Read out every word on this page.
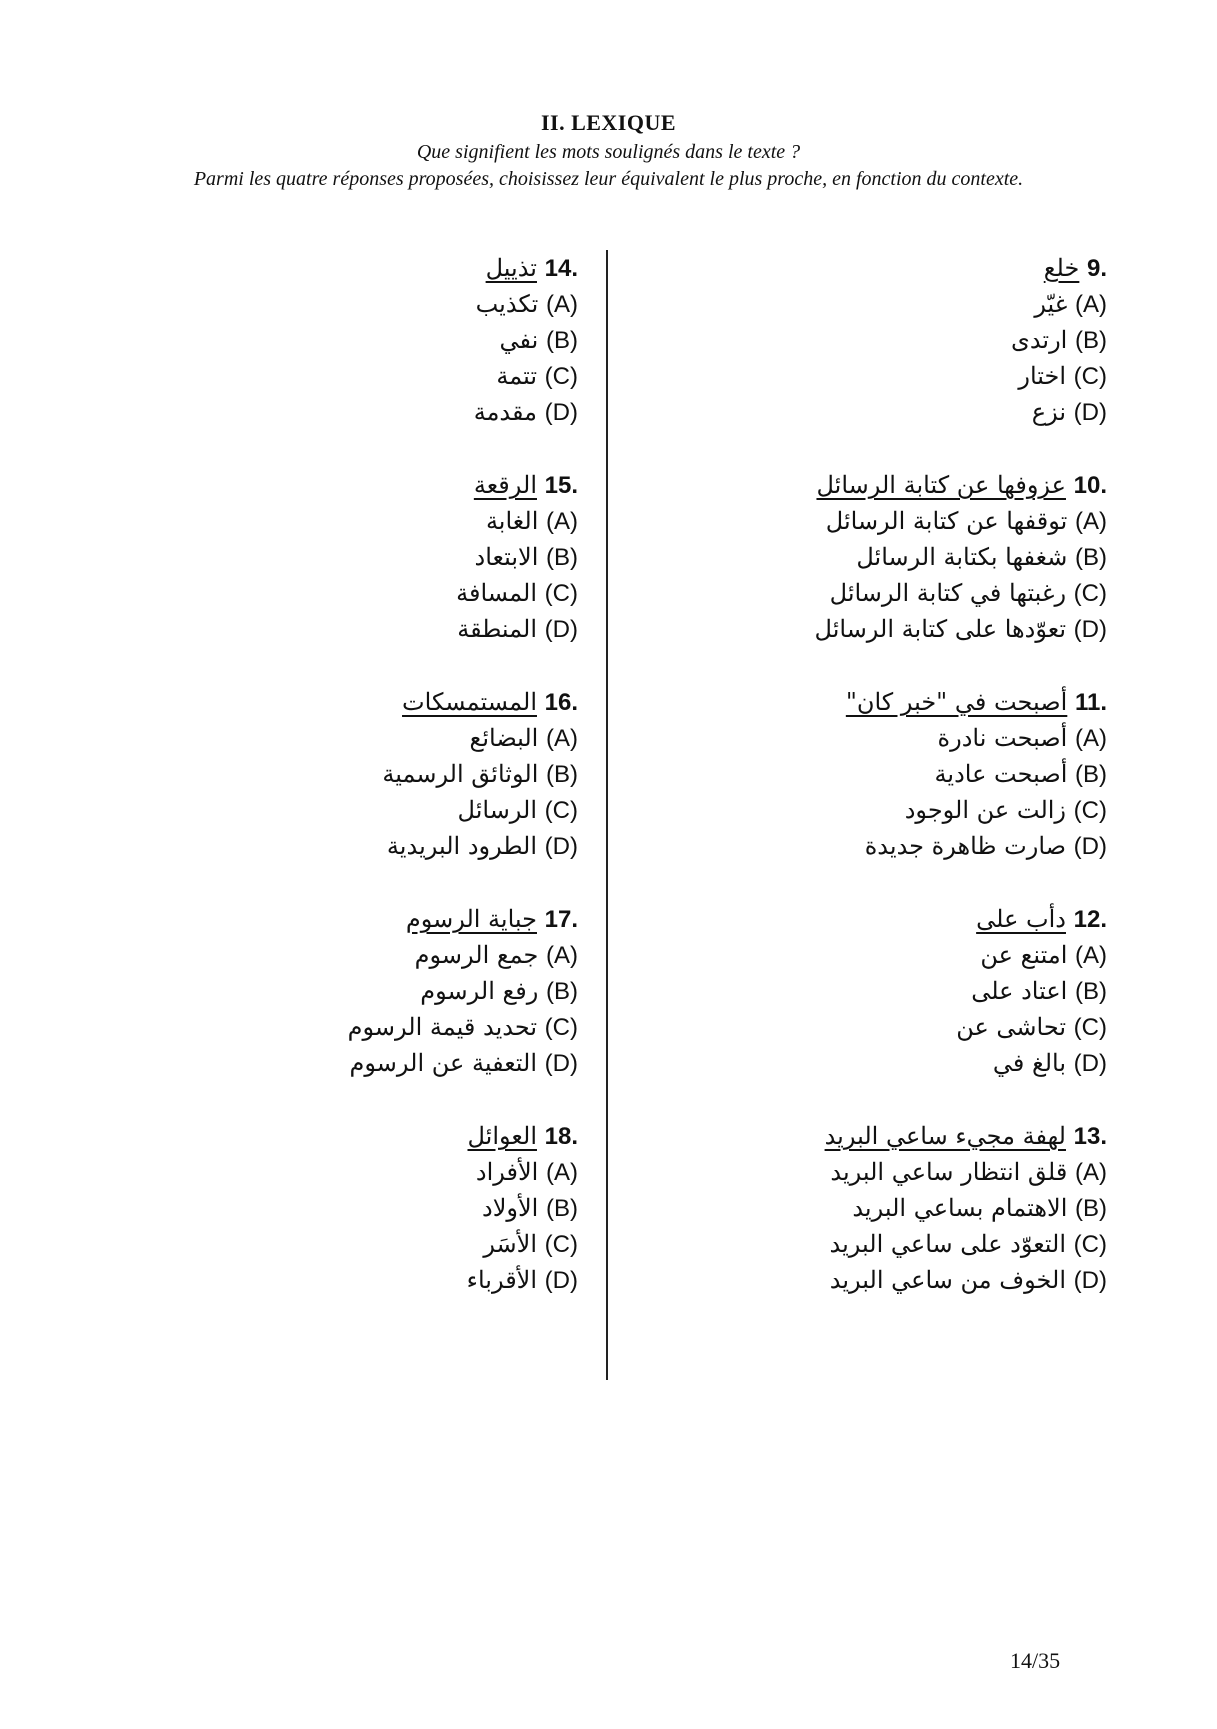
II. LEXIQUE
Que signifient les mots soulignés dans le texte ?
Parmi les quatre réponses proposées, choisissez leur équivalent le plus proche, en fonction du contexte.
9. خلع
(A) غيّر
(B) ارتدى
(C) اختار
(D) نزع
10. عزوفها عن كتابة الرسائل
(A) توقفها عن كتابة الرسائل
(B) شغفها بكتابة الرسائل
(C) رغبتها في كتابة الرسائل
(D) تعوّدها على كتابة الرسائل
11. أصبحت في "خبر كان"
(A) أصبحت نادرة
(B) أصبحت عادية
(C) زالت عن الوجود
(D) صارت ظاهرة جديدة
12. دأب على
(A) امتنع عن
(B) اعتاد على
(C) تحاشى عن
(D) بالغ في
13. لهفة مجيء ساعي البريد
(A) قلق انتظار ساعي البريد
(B) الاهتمام بساعي البريد
(C) التعوّد على ساعي البريد
(D) الخوف من ساعي البريد
14. تذييل
(A) تكذيب
(B) نفي
(C) تتمة
(D) مقدمة
15. الرقعة
(A) الغابة
(B) الابتعاد
(C) المسافة
(D) المنطقة
16. المستمسكات
(A) البضائع
(B) الوثائق الرسمية
(C) الرسائل
(D) الطرود البريدية
17. جباية الرسوم
(A) جمع الرسوم
(B) رفع الرسوم
(C) تحديد قيمة الرسوم
(D) التعفية عن الرسوم
18. العوائل
(A) الأفراد
(B) الأولاد
(C) الأسَر
(D) الأقرباء
14/35
